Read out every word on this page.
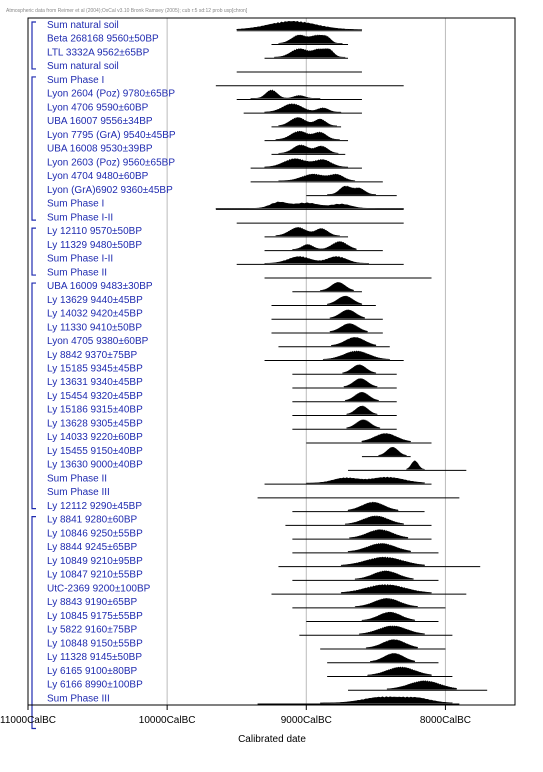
Atmospheric data from Reimer et al (2004);OxCal v3.10 Bronk Ramsey (2005); cub r:5 sd:12 prob usp[chron]
Sum natural soil
Beta 268168 9560±50BP
LTL 3332A 9562±65BP
Sum natural soil
Sum Phase I
Lyon 2604 (Poz) 9780±65BP
Lyon 4706 9590±60BP
UBA 16007 9556±34BP
Lyon 7795 (GrA) 9540±45BP
UBA 16008 9530±39BP
Lyon 2603 (Poz) 9560±65BP
Lyon 4704 9480±60BP
Lyon (GrA)6902 9360±45BP
Sum Phase I
Sum Phase I-II
Ly 12110 9570±50BP
Ly 11329 9480±50BP
Sum Phase I-II
Sum Phase II
UBA 16009 9483±30BP
Ly 13629 9440±45BP
Ly 14032 9420±45BP
Ly 11330 9410±50BP
Lyon 4705 9380±60BP
Ly 8842 9370±75BP
Ly 15185 9345±45BP
Ly 13631 9340±45BP
Ly 15454 9320±45BP
Ly 15186 9315±40BP
Ly 13628 9305±45BP
Ly 14033 9220±60BP
Ly 15455 9150±40BP
Ly 13630 9000±40BP
Sum Phase II
Sum Phase III
Ly 12112 9290±45BP
Ly 8841 9280±60BP
Ly 10846 9250±55BP
Ly 8844 9245±65BP
Ly 10849 9210±95BP
Ly 10847 9210±55BP
UtC-2369 9200±100BP
Ly 8843 9190±65BP
Ly 10845 9175±55BP
Ly 5822 9160±75BP
Ly 10848 9150±55BP
Ly 11328 9145±50BP
Ly 6165 9100±80BP
Ly 6166 8990±100BP
Sum Phase III
11000CalBC	10000CalBC	9000CalBC	8000CalBC
Calibrated date
